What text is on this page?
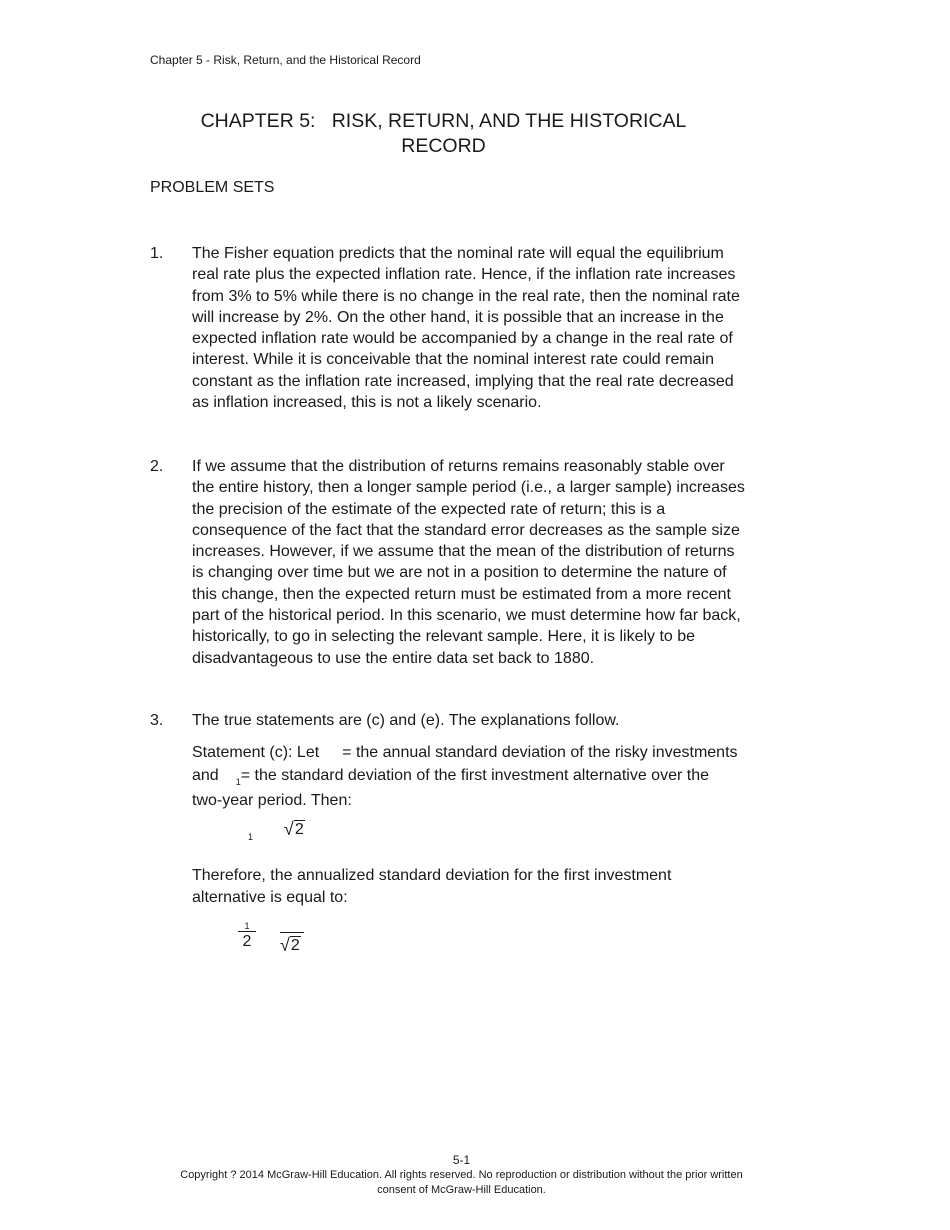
Chapter 5 - Risk, Return, and the Historical Record
CHAPTER 5:   RISK, RETURN, AND THE HISTORICAL
RECORD
PROBLEM SETS
1. The Fisher equation predicts that the nominal rate will equal the equilibrium
real rate plus the expected inflation rate. Hence, if the inflation rate increases
from 3% to 5% while there is no change in the real rate, then the nominal rate
will increase by 2%. On the other hand, it is possible that an increase in the
expected inflation rate would be accompanied by a change in the real rate of
interest. While it is conceivable that the nominal interest rate could remain
constant as the inflation rate increased, implying that the real rate decreased
as inflation increased, this is not a likely scenario.
2. If we assume that the distribution of returns remains reasonably stable over
the entire history, then a longer sample period (i.e., a larger sample) increases
the precision of the estimate of the expected rate of return; this is a
consequence of the fact that the standard error decreases as the sample size
increases. However, if we assume that the mean of the distribution of returns
is changing over time but we are not in a position to determine the nature of
this change, then the expected return must be estimated from a more recent
part of the historical period. In this scenario, we must determine how far back,
historically, to go in selecting the relevant sample. Here, it is likely to be
disadvantageous to use the entire data set back to 1880.
3. The true statements are (c) and (e). The explanations follow.
Statement (c): Let = the annual standard deviation of the risky investments
and $_1$= the standard deviation of the first investment alternative over the
two-year period. Then:
Therefore, the annualized standard deviation for the first investment
alternative is equal to:
$_1$ √ 2
$\frac{1}{2}$ √ 2
5-1
Copyright ? 2014 McGraw-Hill Education. All rights reserved. No reproduction or distribution without the prior written
consent of McGraw-Hill Education.
